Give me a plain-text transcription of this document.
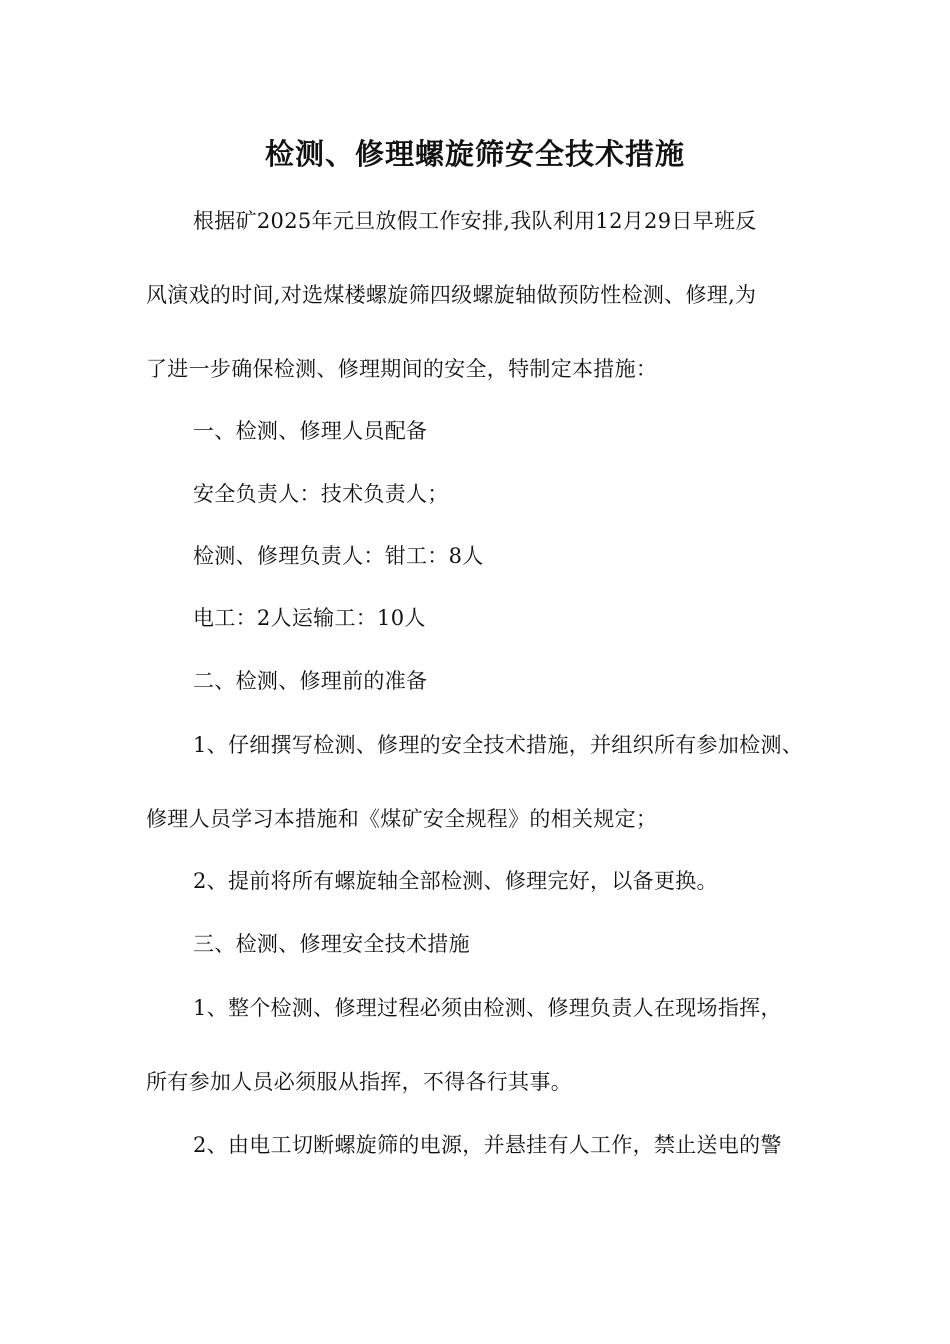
检测、修理螺旋筛安全技术措施
根据矿2025年元旦放假工作安排,我队利用12月29日早班反
风演戏的时间,对选煤楼螺旋筛四级螺旋轴做预防性检测、修理,为
了进一步确保检测、修理期间的安全，特制定本措施：
一、检测、修理人员配备
安全负责人：技术负责人；
检测、修理负责人：钳工：8人
电工：2人运输工：10人
二、检测、修理前的准备
1、仔细撰写检测、修理的安全技术措施，并组织所有参加检测、
修理人员学习本措施和《煤矿安全规程》的相关规定；
2、提前将所有螺旋轴全部检测、修理完好，以备更换。
三、检测、修理安全技术措施
1、整个检测、修理过程必须由检测、修理负责人在现场指挥，
所有参加人员必须服从指挥，不得各行其事。
2、由电工切断螺旋筛的电源，并悬挂有人工作，禁止送电的警
